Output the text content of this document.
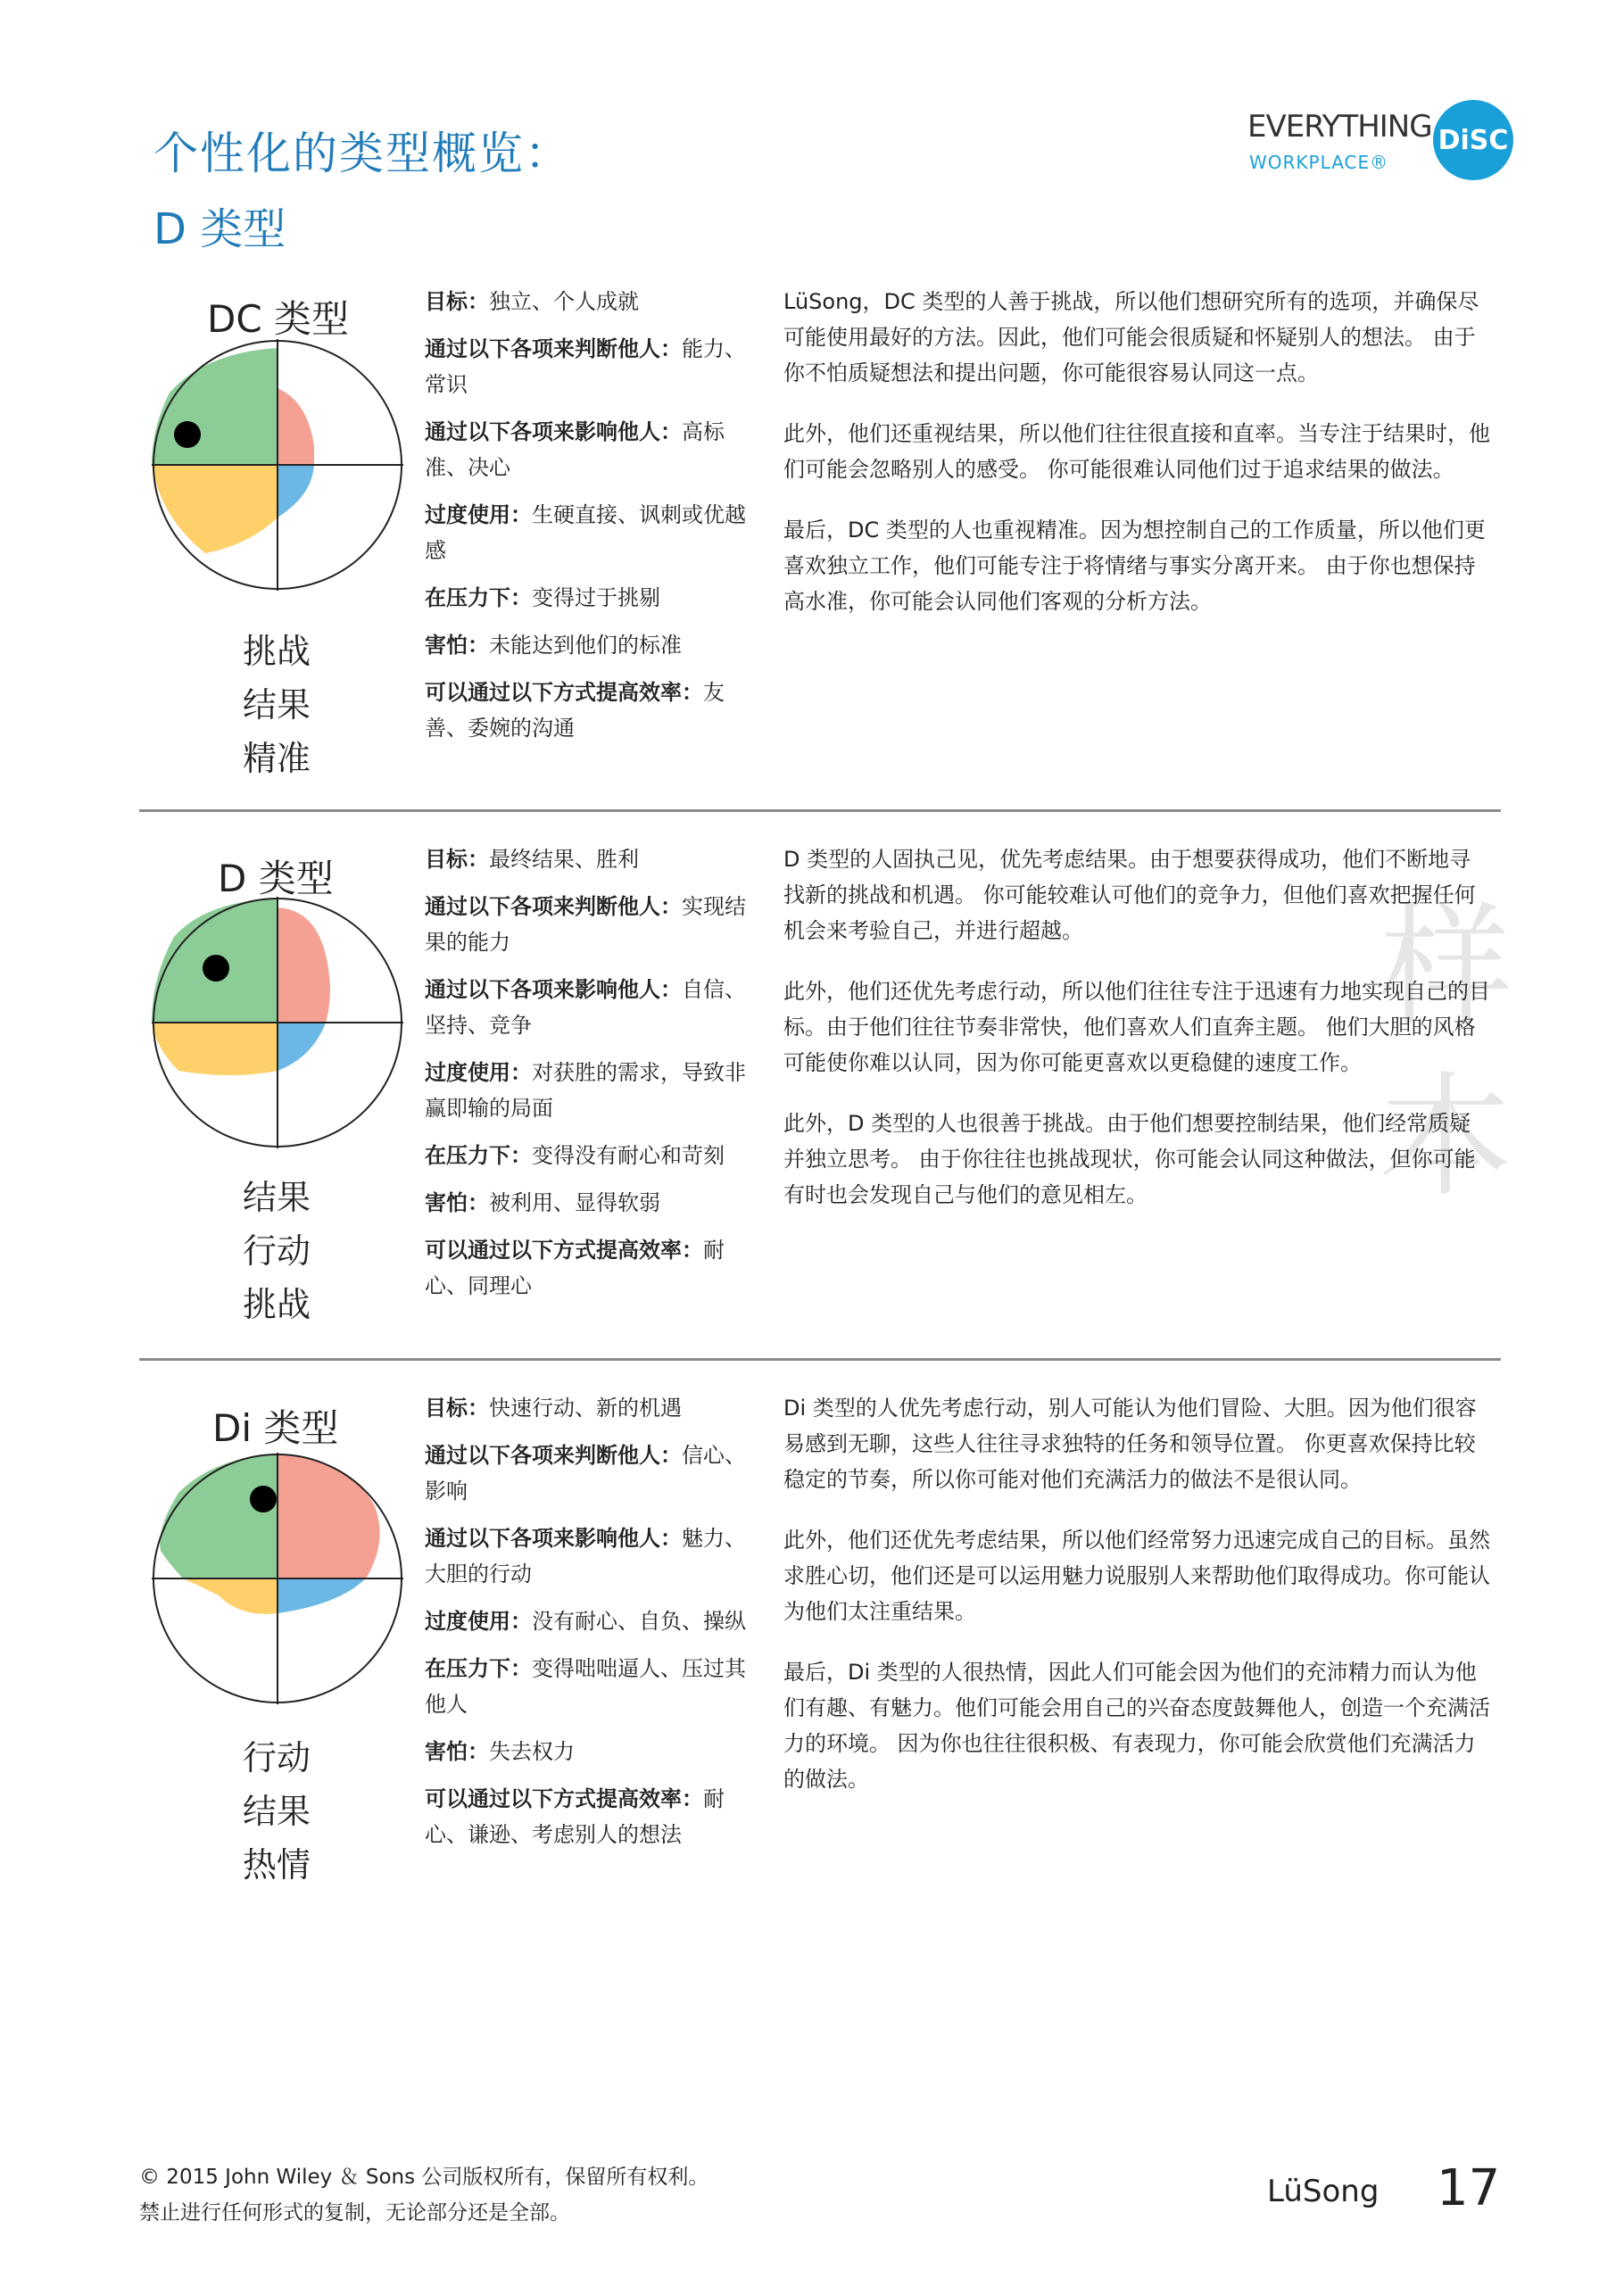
个性化的类型概览：
D 类型
EVERYTHING DiSC
WORKPLACE®
样本
DC 类型
挑战
结果
精准

目标：独立、个人成就

通过以下各项来判断他人：能力、常识

通过以下各项来影响他人：高标准、决心

过度使用：生硬直接、讽刺或优越感

在压力下：变得过于挑剔

害怕：未能达到他们的标准

可以通过以下方式提高效率：友善、委婉的沟通

LüSong，DC 类型的人善于挑战，所以他们想研究所有的选项，并确保尽可能使用最好的方法。因此，他们可能会很质疑和怀疑别人的想法。 由于你不怕质疑想法和提出问题，你可能很容易认同这一点。

此外，他们还重视结果，所以他们往往很直接和直率。当专注于结果时，他们可能会忽略别人的感受。 你可能很难认同他们过于追求结果的做法。

最后，DC 类型的人也重视精准。因为想控制自己的工作质量，所以他们更喜欢独立工作，他们可能专注于将情绪与事实分离开来。 由于你也想保持高水准，你可能会认同他们客观的分析方法。

D 类型
结果
行动
挑战

目标：最终结果、胜利

通过以下各项来判断他人：实现结果的能力

通过以下各项来影响他人：自信、坚持、竞争

过度使用：对获胜的需求，导致非赢即输的局面

在压力下：变得没有耐心和苛刻

害怕：被利用、显得软弱

可以通过以下方式提高效率：耐心、同理心

D 类型的人固执己见，优先考虑结果。由于想要获得成功，他们不断地寻找新的挑战和机遇。 你可能较难认可他们的竞争力，但他们喜欢把握任何机会来考验自己，并进行超越。

此外，他们还优先考虑行动，所以他们往往专注于迅速有力地实现自己的目标。由于他们往往节奏非常快，他们喜欢人们直奔主题。 他们大胆的风格可能使你难以认同，因为你可能更喜欢以更稳健的速度工作。

此外，D 类型的人也很善于挑战。由于他们想要控制结果，他们经常质疑并独立思考。 由于你往往也挑战现状，你可能会认同这种做法，但你可能有时也会发现自己与他们的意见相左。

Di 类型
行动
结果
热情

目标：快速行动、新的机遇

通过以下各项来判断他人：信心、影响

通过以下各项来影响他人：魅力、大胆的行动

过度使用：没有耐心、自负、操纵

在压力下：变得咄咄逼人、压过其他人

害怕：失去权力

可以通过以下方式提高效率：耐心、谦逊、考虑别人的想法

Di 类型的人优先考虑行动，别人可能认为他们冒险、大胆。因为他们很容易感到无聊，这些人往往寻求独特的任务和领导位置。 你更喜欢保持比较稳定的节奏，所以你可能对他们充满活力的做法不是很认同。

此外，他们还优先考虑结果，所以他们经常努力迅速完成自己的目标。虽然求胜心切，他们还是可以运用魅力说服别人来帮助他们取得成功。你可能认为他们太注重结果。

最后，Di 类型的人很热情，因此人们可能会因为他们的充沛精力而认为他们有趣、有魅力。他们可能会用自己的兴奋态度鼓舞他人，创造一个充满活力的环境。 因为你也往往很积极、有表现力，你可能会欣赏他们充满活力的做法。

© 2015 John Wiley ＆ Sons 公司版权所有，保留所有权利。
禁止进行任何形式的复制，无论部分还是全部。
LüSong 17
